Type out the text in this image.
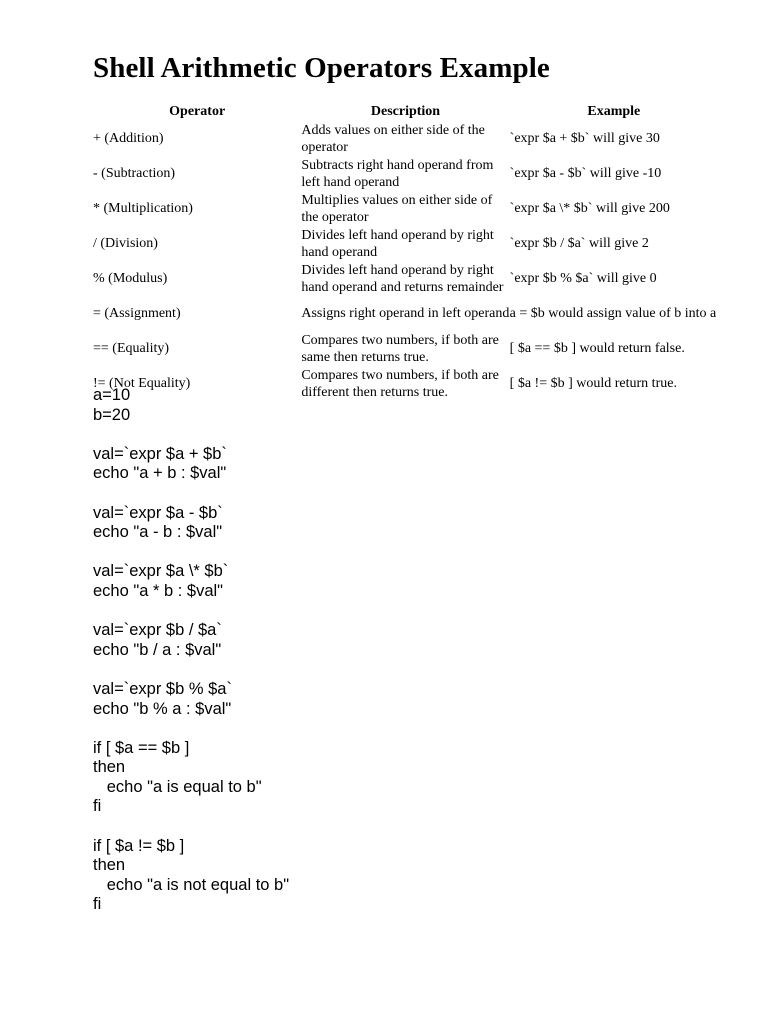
Shell Arithmetic Operators Example
Operator	Description	Example
+ (Addition)	Adds values on either side of the operator	`expr $a + $b` will give 30
- (Subtraction)	Subtracts right hand operand from left hand operand	`expr $a - $b` will give -10
* (Multiplication)	Multiplies values on either side of the operator	`expr $a \* $b` will give 200
/ (Division)	Divides left hand operand by right hand operand	`expr $b / $a` will give 2
% (Modulus)	Divides left hand operand by right hand operand and returns remainder	`expr $b % $a` will give 0
= (Assignment)	Assigns right operand in left operand	a = $b would assign value of b into a
== (Equality)	Compares two numbers, if both are same then returns true.	[ $a == $b ] would return false.
!= (Not Equality)	Compares two numbers, if both are different then returns true.	[ $a != $b ] would return true.
a=10
b=20

val=`expr $a + $b`
echo "a + b : $val"

val=`expr $a - $b`
echo "a - b : $val"

val=`expr $a \* $b`
echo "a * b : $val"

val=`expr $b / $a`
echo "b / a : $val"

val=`expr $b % $a`
echo "b % a : $val"

if [ $a == $b ]
then
echo "a is equal to b"
fi

if [ $a != $b ]
then
echo "a is not equal to b"
fi
